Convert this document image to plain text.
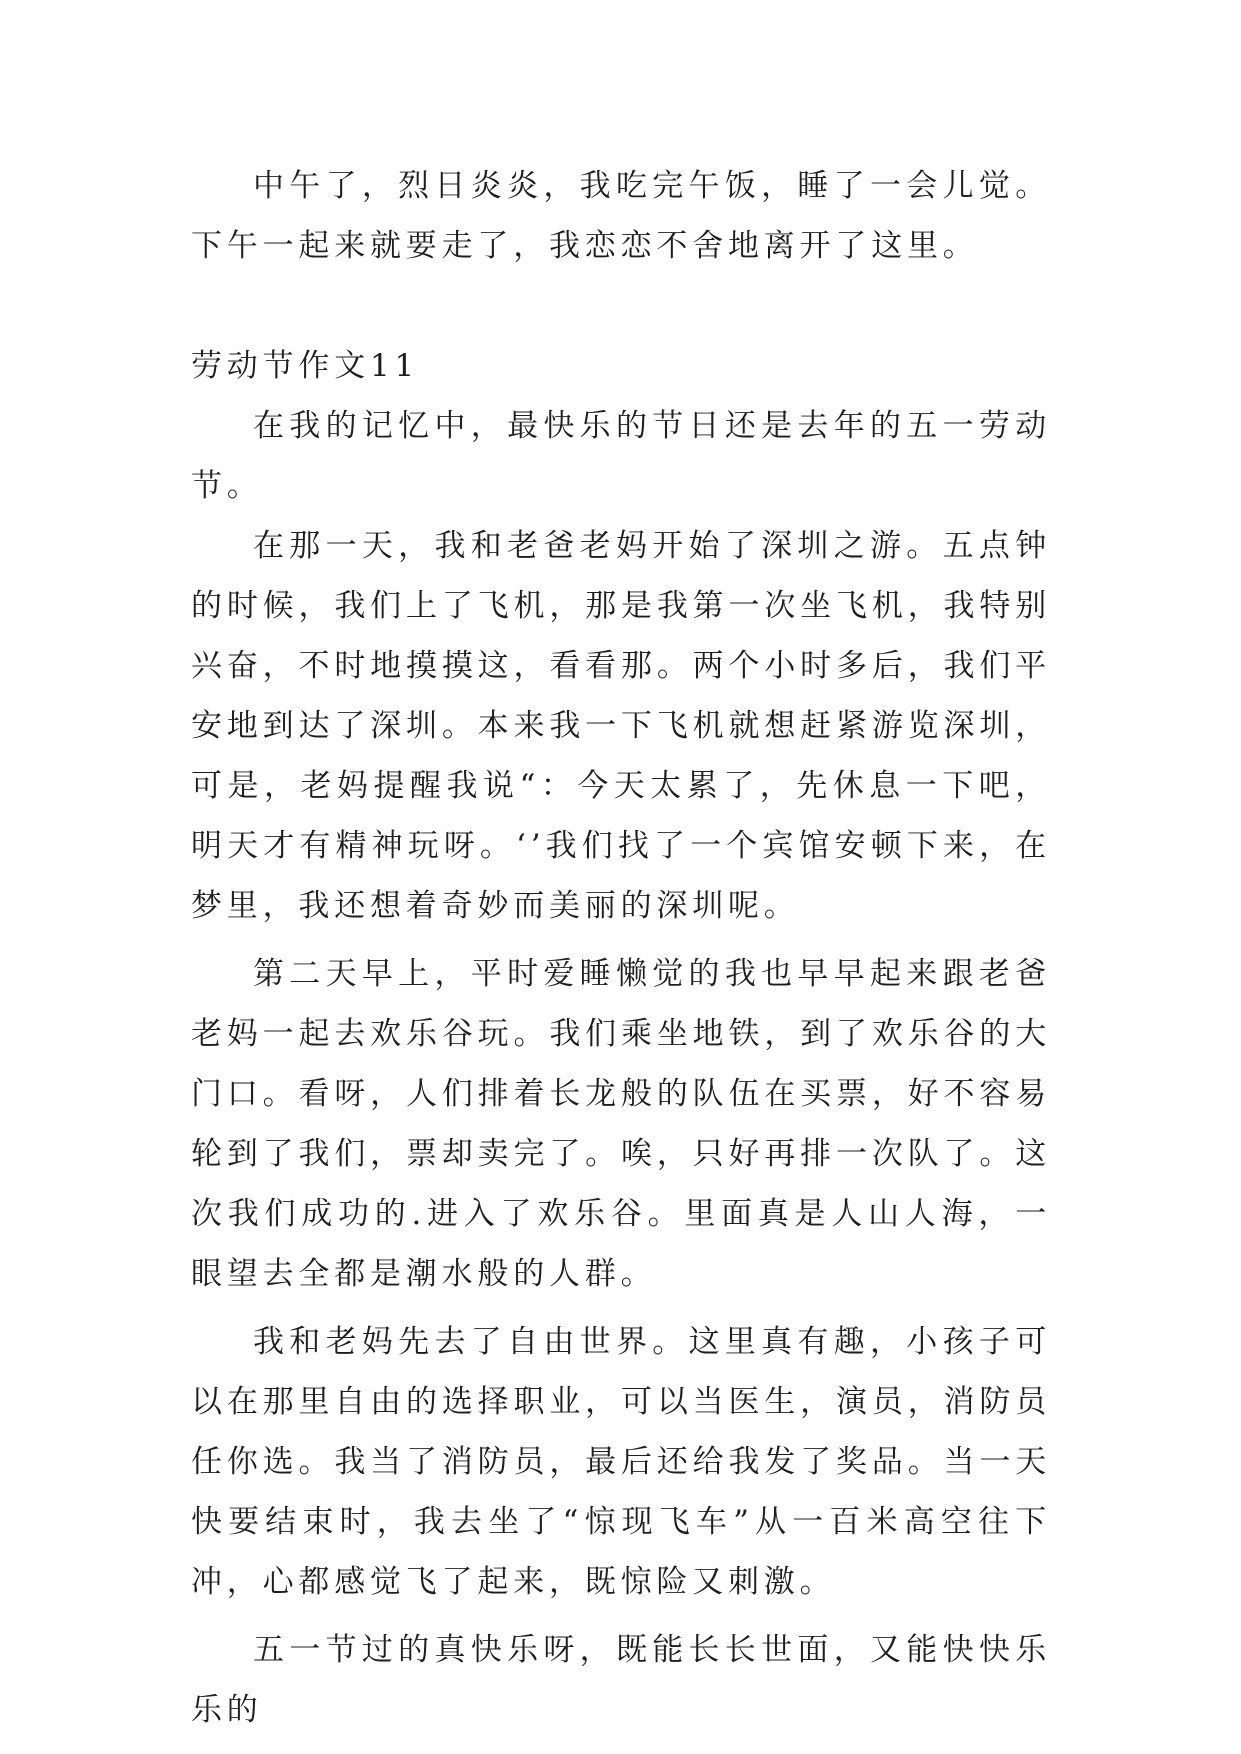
中午了，烈日炎炎，我吃完午饭，睡了一会儿觉。下午一起来就要走了，我恋恋不舍地离开了这里。

劳动节作文11

在我的记忆中，最快乐的节日还是去年的五一劳动节。

在那一天，我和老爸老妈开始了深圳之游。五点钟的时候，我们上了飞机，那是我第一次坐飞机，我特别兴奋，不时地摸摸这，看看那。两个小时多后，我们平安地到达了深圳。本来我一下飞机就想赶紧游览深圳，可是，老妈提醒我说“：今天太累了，先休息一下吧，明天才有精神玩呀。‘’我们找了一个宾馆安顿下来，在梦里，我还想着奇妙而美丽的深圳呢。

第二天早上，平时爱睡懒觉的我也早早起来跟老爸老妈一起去欢乐谷玩。我们乘坐地铁，到了欢乐谷的大门口。看呀，人们排着长龙般的队伍在买票，好不容易轮到了我们，票却卖完了。唉，只好再排一次队了。这次我们成功的.进入了欢乐谷。里面真是人山人海，一眼望去全都是潮水般的人群。

我和老妈先去了自由世界。这里真有趣，小孩子可以在那里自由的选择职业，可以当医生，演员，消防员任你选。我当了消防员，最后还给我发了奖品。当一天快要结束时，我去坐了“惊现飞车”从一百米高空往下冲，心都感觉飞了起来，既惊险又刺激。

五一节过的真快乐呀，既能长长世面，又能快快乐乐的
